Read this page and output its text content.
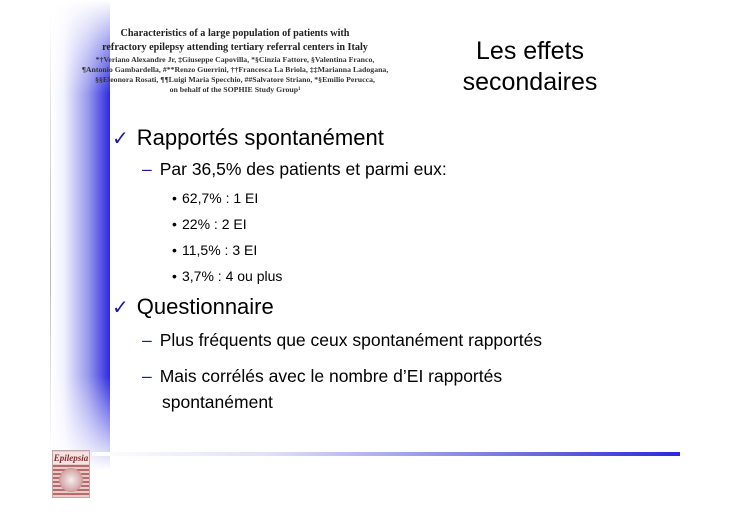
Characteristics of a large population of patients with
refractory epilepsy attending tertiary referral centers in Italy
*†Veriano Alexandre Jr, ‡Giuseppe Capovilla, *§Cinzia Fattore, §Valentina Franco,
¶Antonio Gambardella, #**Renzo Guerrini, ††Francesca La Briola, ‡‡Marianna Ladogana,
§§Eleonora Rosati, ¶¶Luigi Maria Specchio, ##Salvatore Striano, *§Emilio Perucca,
on behalf of the SOPHIE Study Group¹
Les effets
secondaires
✓ Rapportés spontanément
– Par 36,5% des patients et parmi eux:
• 62,7% : 1 EI
• 22% : 2 EI
• 11,5% : 3 EI
• 3,7% : 4 ou plus
✓ Questionnaire
– Plus fréquents que ceux spontanément rapportés
– Mais corrélés avec le nombre d’EI rapportés
spontanément
Epilepsia
